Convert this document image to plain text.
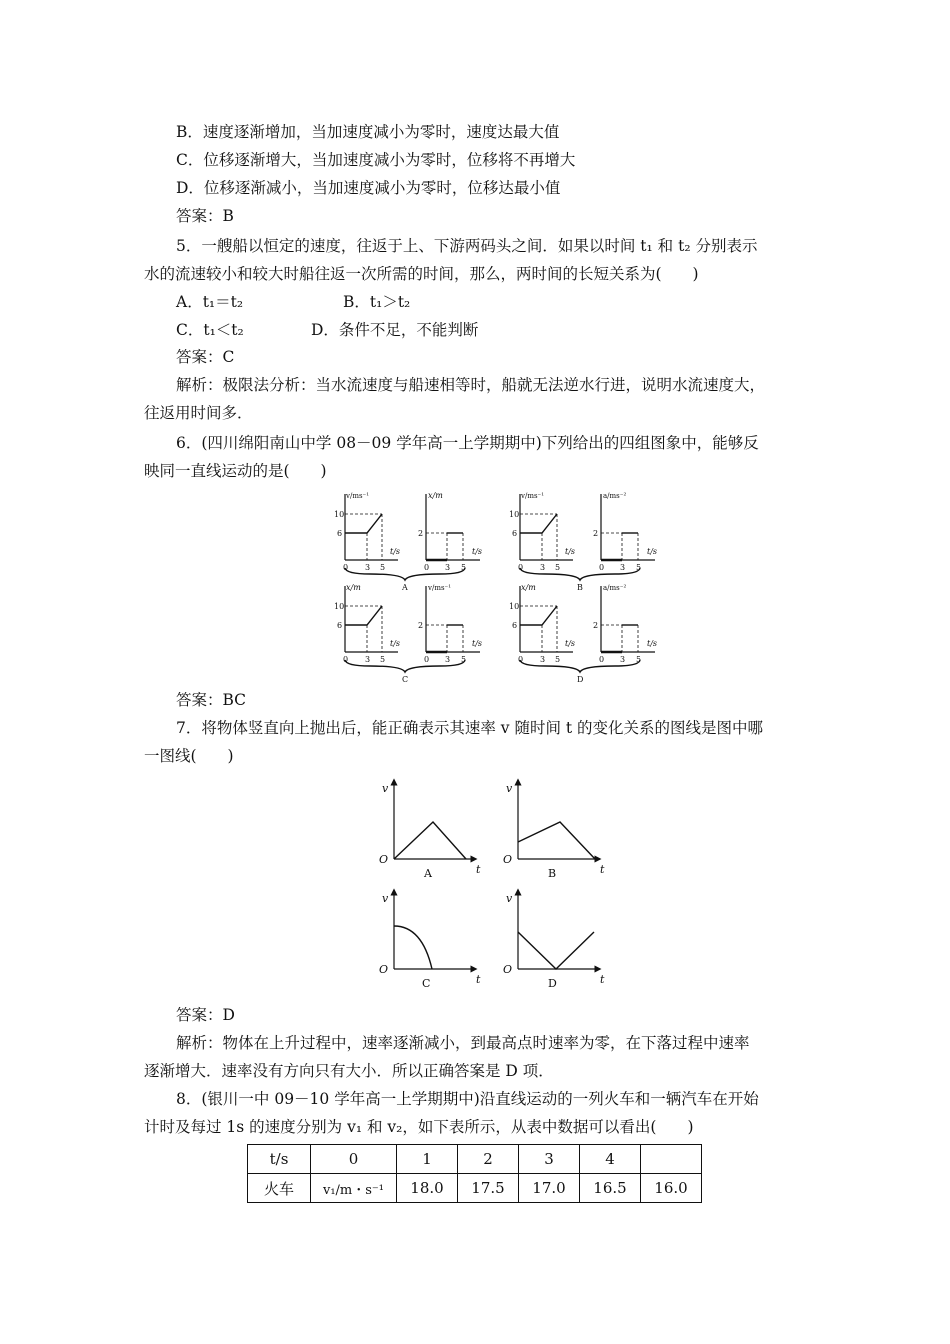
B．速度逐渐增加，当加速度减小为零时，速度达最大值
C．位移逐渐增大，当加速度减小为零时，位移将不再增大
D．位移逐渐减小，当加速度减小为零时，位移达最小值
答案：B
5．一艘船以恒定的速度，往返于上、下游两码头之间．如果以时间 t₁ 和 t₂ 分别表示
水的流速较小和较大时船往返一次所需的时间，那么，两时间的长短关系为(　　)
A．t₁＝t₂	B．t₁＞t₂
C．t₁＜t₂	D．条件不足，不能判断
答案：C
解析：极限法分析：当水流速度与船速相等时，船就无法逆水行进，说明水流速度大，
往返用时间多．
6．(四川绵阳南山中学 08－09 学年高一上学期期中)下列给出的四组图象中，能够反
映同一直线运动的是(　　)
v/ms⁻¹
10
6
0 3 5
t/s
x/m
2
0 3 5
t/s
A
v/ms⁻¹
10
6
0 3 5
t/s
a/ms⁻²
2
0 3 5
t/s
B
x/m
10
6
0 3 5
t/s
v/ms⁻¹
2
0 3 5
t/s
C
x/m
10
6
0 3 5
t/s
a/ms⁻²
2
0 3 5
t/s
D
答案：BC
7．将物体竖直向上抛出后，能正确表示其速率 v 随时间 t 的变化关系的图线是图中哪
一图线(　　)
v
O
t
A
v
O
t
B
v
O
t
C
v
O
t
D
答案：D
解析：物体在上升过程中，速率逐渐减小，到最高点时速率为零，在下落过程中速率
逐渐增大．速率没有方向只有大小．所以正确答案是 D 项．
8．(银川一中 09－10 学年高一上学期期中)沿直线运动的一列火车和一辆汽车在开始
计时及每过 1s 的速度分别为 v₁ 和 v₂，如下表所示，从表中数据可以看出(　　)
t/s	0	1	2	3	4	
火车	v₁/m・s⁻¹	18.0	17.5	17.0	16.5	16.0
